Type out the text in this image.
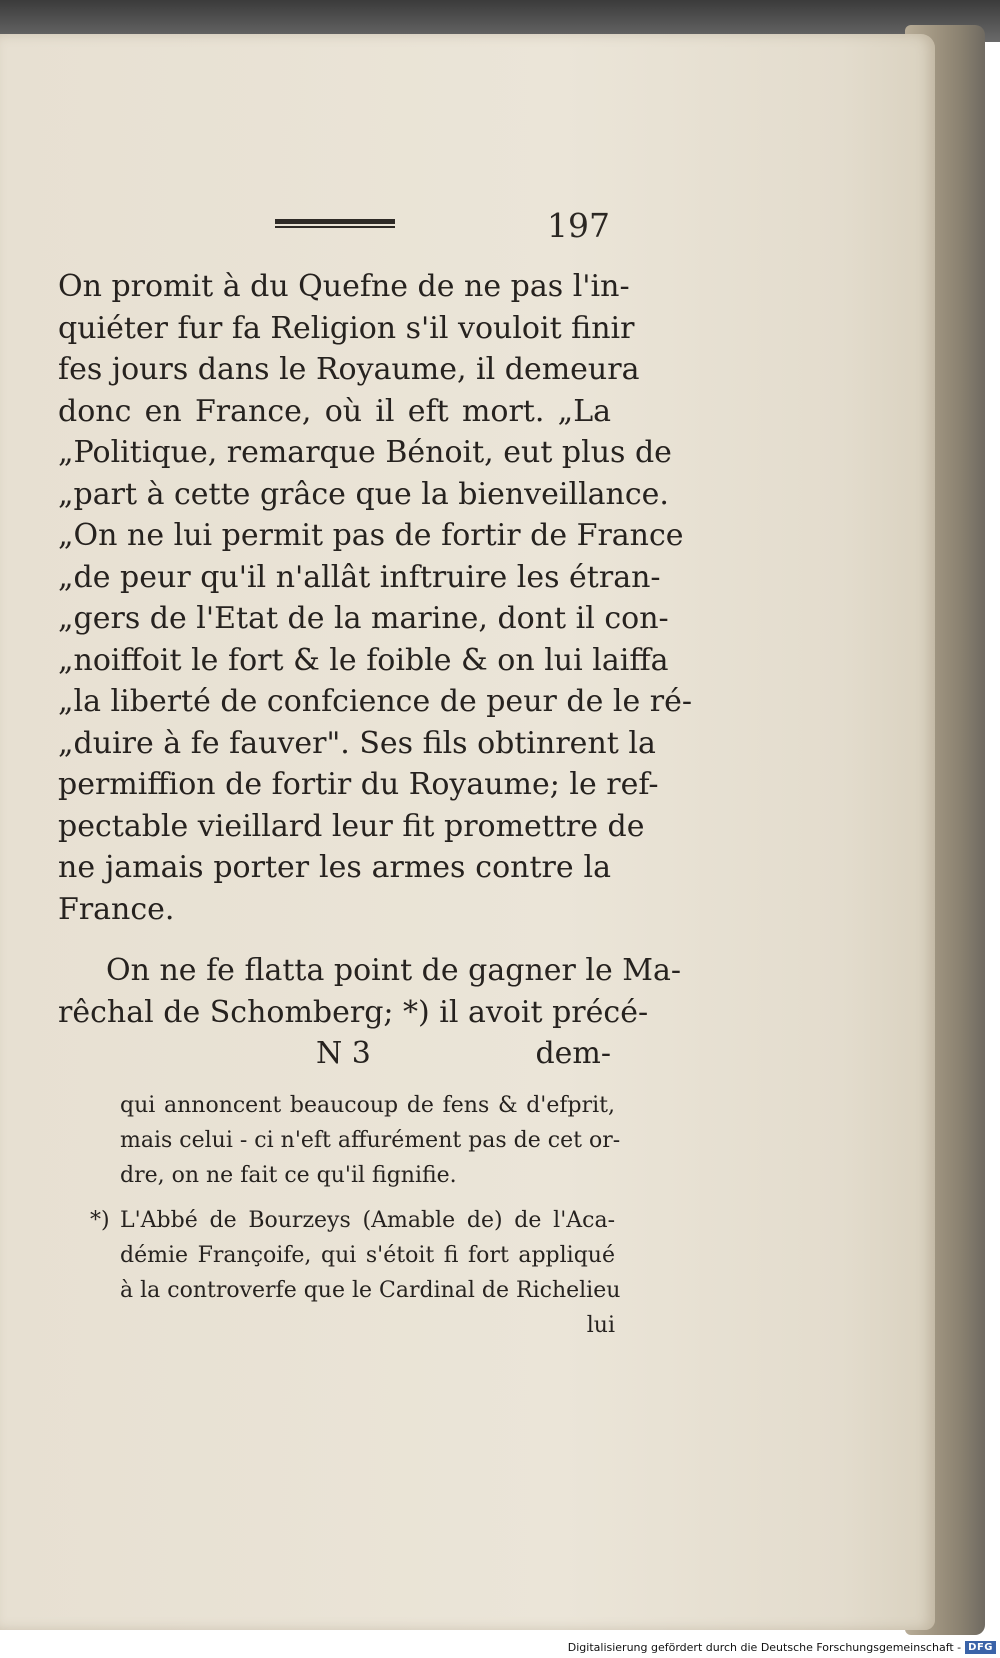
197
On promit à du Quefne de ne pas l'in-
quiéter fur fa Religion s'il vouloit finir
fes jours dans le Royaume, il demeura
donc en France, où il eft mort. „La
„Politique, remarque Bénoit, eut plus de
„part à cette grâce que la bienveillance.
„On ne lui permit pas de fortir de France
„de peur qu'il n'allât inftruire les étran-
„gers de l'Etat de la marine, dont il con-
„noiffoit le fort & le foible & on lui laiffa
„la liberté de confcience de peur de le ré-
„duire à fe fauver". Ses fils obtinrent la
permiffion de fortir du Royaume; le ref-
pectable vieillard leur fit promettre de
ne jamais porter les armes contre la
France.
On ne fe flatta point de gagner le Ma-
rêchal de Schomberg; *) il avoit précé-
N 3	dem-
qui annoncent beaucoup de fens & d'efprit,
mais celui - ci n'eft affurément pas de cet or-
dre, on ne fait ce qu'il fignifie.
*) L'Abbé de Bourzeys (Amable de) de l'Aca-
démie Françoife, qui s'étoit fi fort appliqué
à la controverfe que le Cardinal de Richelieu
lui
Digitalisierung gefördert durch die Deutsche Forschungsgemeinschaft - DFG
